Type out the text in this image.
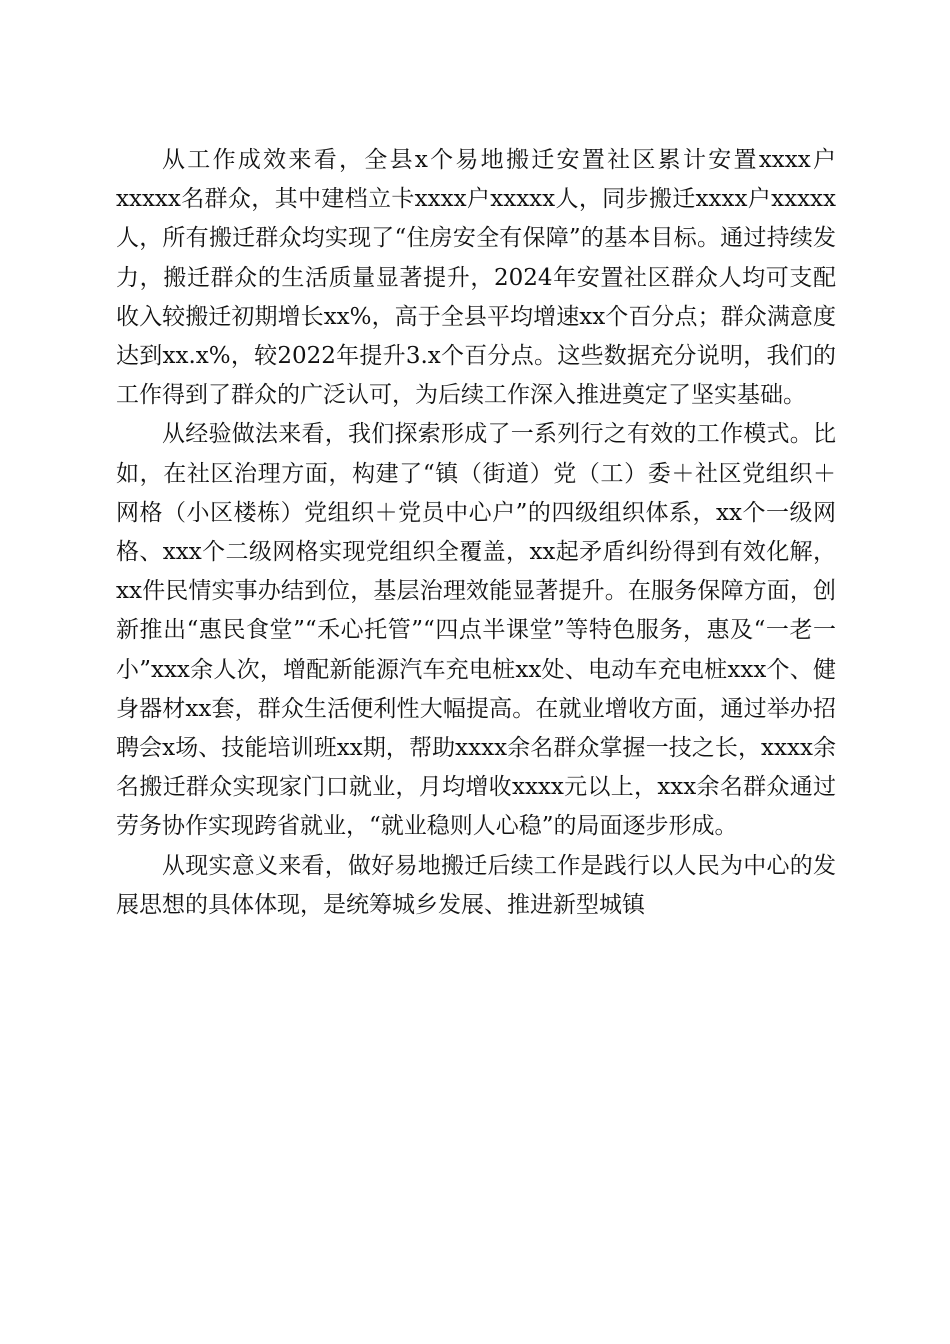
从工作成效来看，全县x个易地搬迁安置社区累计安置xxxx户xxxxx名群众，其中建档立卡xxxx户xxxxx人，同步搬迁xxxx户xxxxx人，所有搬迁群众均实现了“住房安全有保障”的基本目标。通过持续发力，搬迁群众的生活质量显著提升，2024年安置社区群众人均可支配收入较搬迁初期增长xx%，高于全县平均增速xx个百分点；群众满意度达到xx.x%，较2022年提升3.x个百分点。这些数据充分说明，我们的工作得到了群众的广泛认可，为后续工作深入推进奠定了坚实基础。

从经验做法来看，我们探索形成了一系列行之有效的工作模式。比如，在社区治理方面，构建了“镇（街道）党（工）委＋社区党组织＋网格（小区楼栋）党组织＋党员中心户”的四级组织体系，xx个一级网格、xxx个二级网格实现党组织全覆盖，xx起矛盾纠纷得到有效化解，xx件民情实事办结到位，基层治理效能显著提升。在服务保障方面，创新推出“惠民食堂”“禾心托管”“四点半课堂”等特色服务，惠及“一老一小”xxx余人次，增配新能源汽车充电桩xx处、电动车充电桩xxx个、健身器材xx套，群众生活便利性大幅提高。在就业增收方面，通过举办招聘会x场、技能培训班xx期，帮助xxxx余名群众掌握一技之长，xxxx余名搬迁群众实现家门口就业，月均增收xxxx元以上，xxx余名群众通过劳务协作实现跨省就业，“就业稳则人心稳”的局面逐步形成。

从现实意义来看，做好易地搬迁后续工作是践行以人民为中心的发展思想的具体体现，是统筹城乡发展、推进新型城镇
